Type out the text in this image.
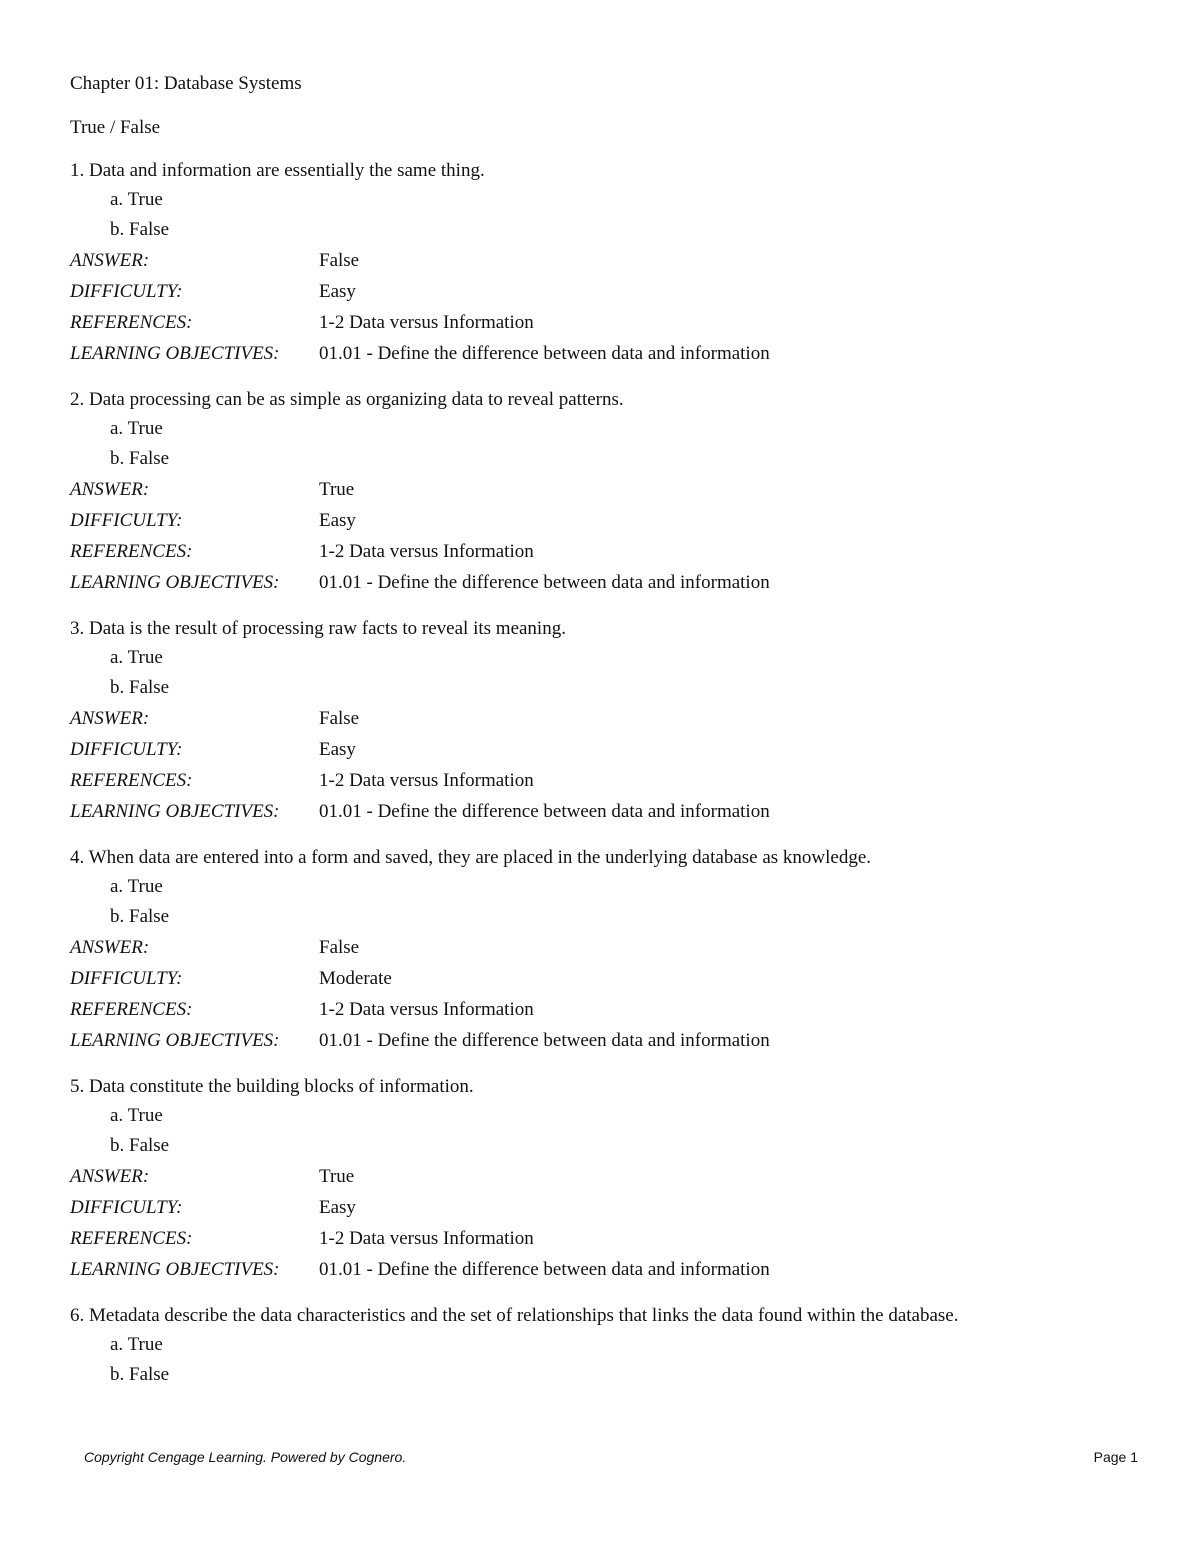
Chapter 01: Database Systems
True / False
1. Data and information are essentially the same thing.
a. True
b. False
ANSWER:	False
DIFFICULTY:	Easy
REFERENCES:	1-2 Data versus Information
LEARNING OBJECTIVES:	01.01 - Define the difference between data and information
2. Data processing can be as simple as organizing data to reveal patterns.
a. True
b. False
ANSWER:	True
DIFFICULTY:	Easy
REFERENCES:	1-2 Data versus Information
LEARNING OBJECTIVES:	01.01 - Define the difference between data and information
3. Data is the result of processing raw facts to reveal its meaning.
a. True
b. False
ANSWER:	False
DIFFICULTY:	Easy
REFERENCES:	1-2 Data versus Information
LEARNING OBJECTIVES:	01.01 - Define the difference between data and information
4. When data are entered into a form and saved, they are placed in the underlying database as knowledge.
a. True
b. False
ANSWER:	False
DIFFICULTY:	Moderate
REFERENCES:	1-2 Data versus Information
LEARNING OBJECTIVES:	01.01 - Define the difference between data and information
5. Data constitute the building blocks of information.
a. True
b. False
ANSWER:	True
DIFFICULTY:	Easy
REFERENCES:	1-2 Data versus Information
LEARNING OBJECTIVES:	01.01 - Define the difference between data and information
6. Metadata describe the data characteristics and the set of relationships that links the data found within the database.
a. True
b. False
Copyright Cengage Learning. Powered by Cognero.	Page 1
